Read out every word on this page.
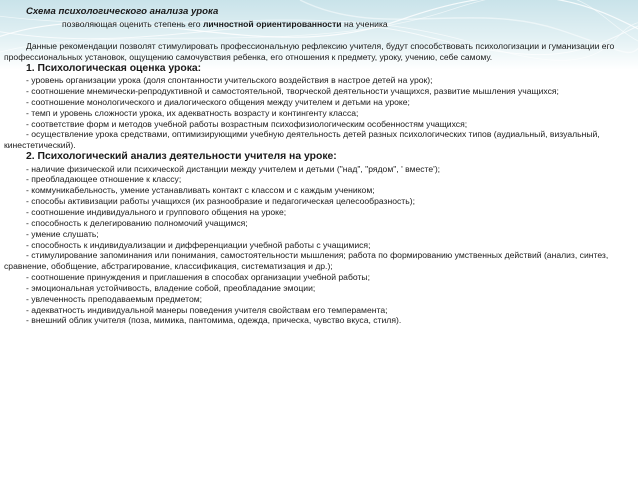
Схема психологического анализа урока
позволяющая оценить степень его личностной ориентированности на ученика

Данные рекомендации позволят стимулировать профессиональную рефлексию учителя, будут способствовать психологизации и гуманизации его профессиональных установок, ощущению самочувствия ребенка, его отношения к предмету, уроку, учению, себе самому.

1. Психологическая оценка урока:

- уровень организации урока (доля спонтанности учительского воздействия в настрое детей на урок);

- соотношение мнемически-репродуктивной и самостоятельной, творческой деятельности учащихся, развитие мышления учащихся;

- соотношение монологического и диалогического общения между учителем и детьми на уроке;

- темп и уровень сложности урока, их адекватность возрасту и контингенту класса;

- соответствие форм и методов учебной работы возрастным психофизиологическим особенностям учащихся;

- осуществление урока средствами, оптимизирующими учебную деятельность детей разных психологических типов (аудиальный, визуальный, кинестетический).

2. Психологический анализ деятельности учителя на уроке:

- наличие физической или психической дистанции между учителем и детьми ("над", "рядом", ' вместе');

- преобладающее отношение к классу;

- коммуникабельность, умение устанавливать контакт с классом и с каждым учеником;

- способы активизации работы учащихся (их разнообразие и педагогическая целесообразность);

- соотношение индивидуального и группового общения на уроке;

- способность к делегированию полномочий учащимся;

- умение слушать;

- способность к индивидуализации и дифференциации учебной работы с учащимися;

- стимулирование запоминания или понимания, самостоятельности мышления; работа по формированию умственных действий (анализ, синтез, сравнение, обобщение, абстрагирование, классификация, систематизация и др.);

- соотношение принуждения и приглашения в способах организации учебной работы;

- эмоциональная устойчивость, владение собой, преобладание эмоции;

- увлеченность преподаваемым предметом;

- адекватность индивидуальной манеры поведения учителя свойствам его темперамента;

- внешний облик учителя (поза, мимика, пантомима, одежда, прическа, чувство вкуса, стиля).
